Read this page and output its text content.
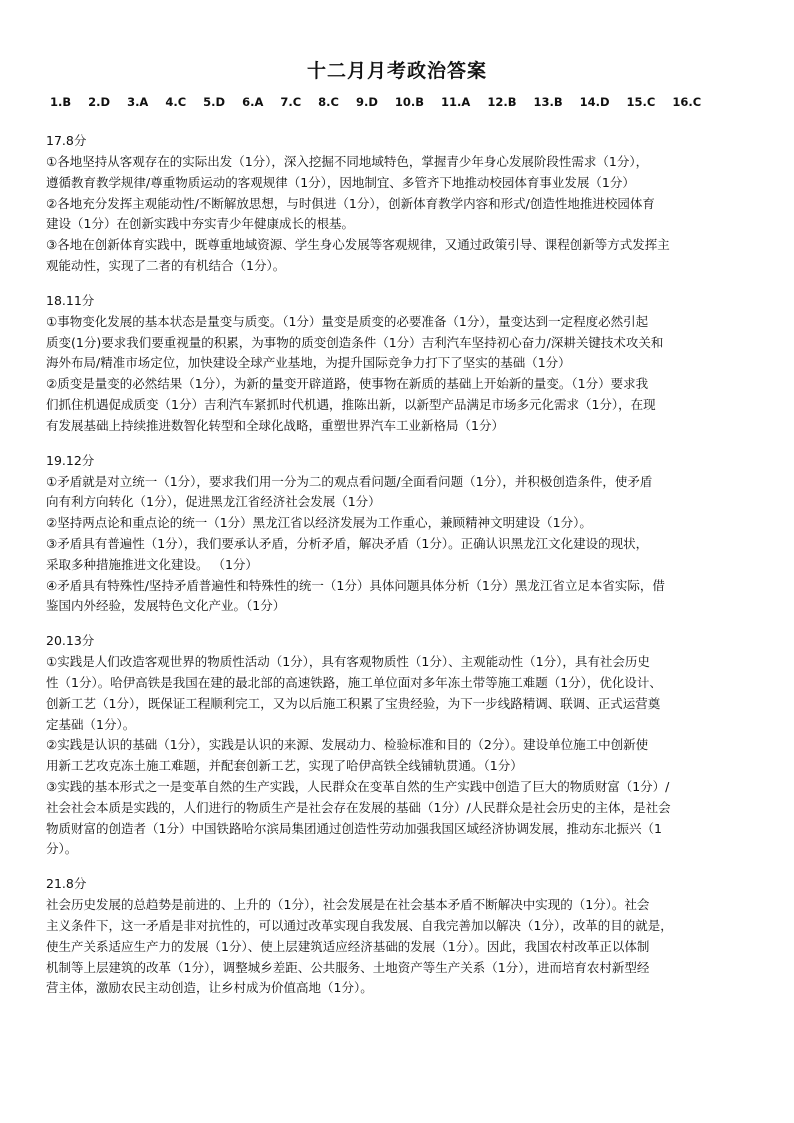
十二月月考政治答案
1.B 2.D 3.A 4.C 5.D 6.A 7.C 8.C 9.D 10.B 11.A 12.B 13.B 14.D 15.C 16.C
17.8分
①各地坚持从客观存在的实际出发（1分），深入挖掘不同地域特色，掌握青少年身心发展阶段性需求（1分），
遵循教育教学规律/尊重物质运动的客观规律（1分），因地制宜、多管齐下地推动校园体育事业发展（1分）
②各地充分发挥主观能动性/不断解放思想，与时俱进（1分），创新体育教学内容和形式/创造性地推进校园体育
建设（1分）在创新实践中夯实青少年健康成长的根基。
③各地在创新体育实践中，既尊重地域资源、学生身心发展等客观规律，又通过政策引导、课程创新等方式发挥主
观能动性，实现了二者的有机结合（1分）。
18.11分
①事物变化发展的基本状态是量变与质变。（1分）量变是质变的必要准备（1分），量变达到一定程度必然引起
质变(1分)要求我们要重视量的积累，为事物的质变创造条件（1分）吉利汽车坚持初心奋力/深耕关键技术攻关和
海外布局/精准市场定位，加快建设全球产业基地，为提升国际竞争力打下了坚实的基础（1分）
②质变是量变的必然结果（1分），为新的量变开辟道路，使事物在新质的基础上开始新的量变。（1分）要求我
们抓住机遇促成质变（1分）吉利汽车紧抓时代机遇，推陈出新，以新型产品满足市场多元化需求（1分），在现
有发展基础上持续推进数智化转型和全球化战略，重塑世界汽车工业新格局（1分）
19.12分
①矛盾就是对立统一（1分），要求我们用一分为二的观点看问题/全面看问题（1分），并积极创造条件，使矛盾
向有利方向转化（1分），促进黑龙江省经济社会发展（1分）
②坚持两点论和重点论的统一（1分）黑龙江省以经济发展为工作重心，兼顾精神文明建设（1分）。
③矛盾具有普遍性（1分），我们要承认矛盾，分析矛盾，解决矛盾（1分）。正确认识黑龙江文化建设的现状，
采取多种措施推进文化建设。 （1分）
④矛盾具有特殊性/坚持矛盾普遍性和特殊性的统一（1分）具体问题具体分析（1分）黑龙江省立足本省实际，借
鉴国内外经验，发展特色文化产业。（1分）
20.13分
①实践是人们改造客观世界的物质性活动（1分），具有客观物质性（1分）、主观能动性（1分），具有社会历史
性（1分）。哈伊高铁是我国在建的最北部的高速铁路，施工单位面对多年冻土带等施工难题（1分），优化设计、
创新工艺（1分），既保证工程顺利完工，又为以后施工积累了宝贵经验，为下一步线路精调、联调、正式运营奠
定基础（1分）。
②实践是认识的基础（1分），实践是认识的来源、发展动力、检验标准和目的（2分）。建设单位施工中创新使
用新工艺攻克冻土施工难题，并配套创新工艺，实现了哈伊高铁全线铺轨贯通。（1分）
③实践的基本形式之一是变革自然的生产实践，人民群众在变革自然的生产实践中创造了巨大的物质财富（1分）/
社会社会本质是实践的，人们进行的物质生产是社会存在发展的基础（1分）/人民群众是社会历史的主体，是社会
物质财富的创造者（1分）中国铁路哈尔滨局集团通过创造性劳动加强我国区域经济协调发展，推动东北振兴（1
分）。
21.8分
社会历史发展的总趋势是前进的、上升的（1分），社会发展是在社会基本矛盾不断解决中实现的（1分）。社会
主义条件下，这一矛盾是非对抗性的，可以通过改革实现自我发展、自我完善加以解决（1分），改革的目的就是，
使生产关系适应生产力的发展（1分）、使上层建筑适应经济基础的发展（1分）。因此，我国农村改革正以体制
机制等上层建筑的改革（1分），调整城乡差距、公共服务、土地资产等生产关系（1分），进而培育农村新型经
营主体，激励农民主动创造，让乡村成为价值高地（1分）。
